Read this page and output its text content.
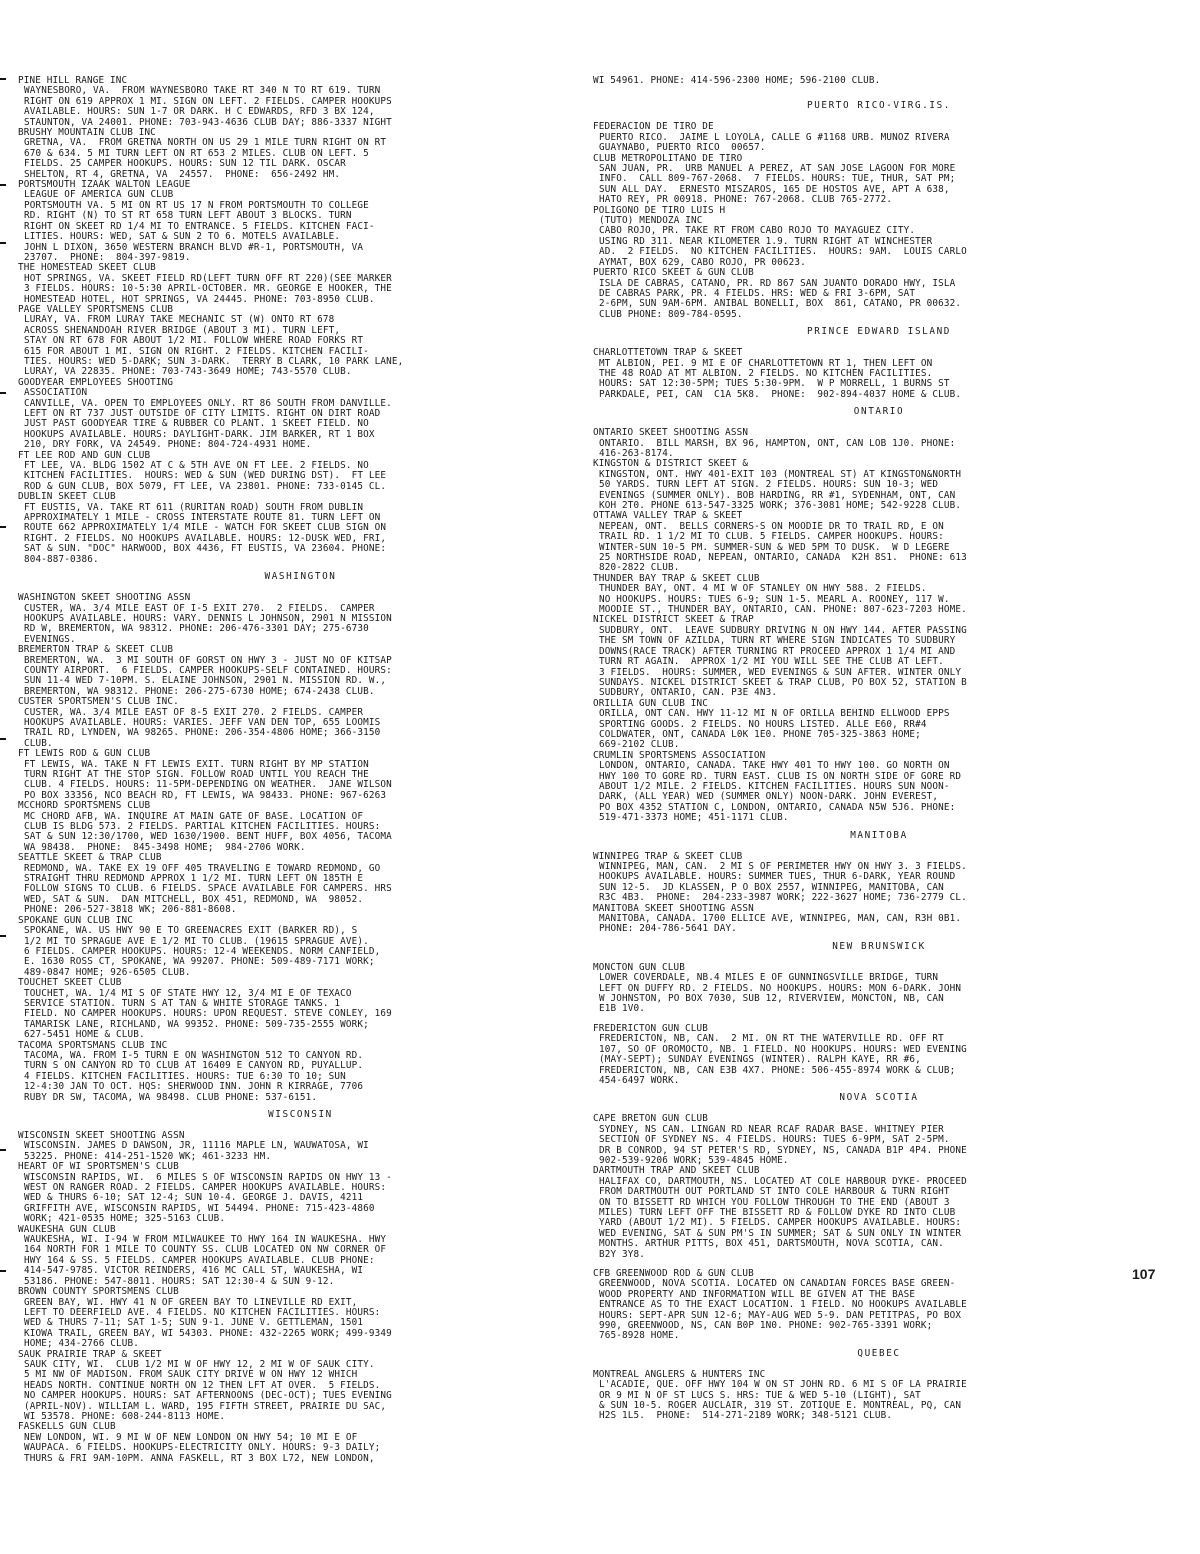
PINE HILL RANGE INC
WAYNESBORO, VA.  FROM WAYNESBORO TAKE RT 340 N TO RT 619. TURN
RIGHT ON 619 APPROX 1 MI. SIGN ON LEFT. 2 FIELDS. CAMPER HOOKUPS
AVAILABLE. HOURS: SUN 1-7 OR DARK. H C EDWARDS, RFD 3 BX 124,
STAUNTON, VA 24001. PHONE: 703-943-4636 CLUB DAY; 886-3337 NIGHT
BRUSHY MOUNTAIN CLUB INC
GRETNA, VA.  FROM GRETNA NORTH ON US 29 1 MILE TURN RIGHT ON RT
670 & 634. 5 MI TURN LEFT ON RT 653 2 MILES. CLUB ON LEFT. 5
FIELDS. 25 CAMPER HOOKUPS. HOURS: SUN 12 TIL DARK. OSCAR
SHELTON, RT 4, GRETNA, VA  24557.  PHONE:  656-2492 HM.
PORTSMOUTH IZAAK WALTON LEAGUE
LEAGUE OF AMERICA GUN CLUB
PORTSMOUTH VA. 5 MI ON RT US 17 N FROM PORTSMOUTH TO COLLEGE
RD. RIGHT (N) TO ST RT 658 TURN LEFT ABOUT 3 BLOCKS. TURN
RIGHT ON SKEET RD 1/4 MI TO ENTRANCE. 5 FIELDS. KITCHEN FACI-
LITIES. HOURS: WED, SAT & SUN 2 TO 6. MOTELS AVAILABLE.
JOHN L DIXON, 3650 WESTERN BRANCH BLVD #R-1, PORTSMOUTH, VA
23707.  PHONE:  804-397-9819.
THE HOMESTEAD SKEET CLUB
HOT SPRINGS, VA. SKEET FIELD RD(LEFT TURN OFF RT 220)(SEE MARKER
3 FIELDS. HOURS: 10-5:30 APRIL-OCTOBER. MR. GEORGE E HOOKER, THE
HOMESTEAD HOTEL, HOT SPRINGS, VA 24445. PHONE: 703-8950 CLUB.
PAGE VALLEY SPORTSMENS CLUB
LURAY, VA. FROM LURAY TAKE MECHANIC ST (W) ONTO RT 678
ACROSS SHENANDOAH RIVER BRIDGE (ABOUT 3 MI). TURN LEFT,
STAY ON RT 678 FOR ABOUT 1/2 MI. FOLLOW WHERE ROAD FORKS RT
615 FOR ABOUT 1 MI. SIGN ON RIGHT. 2 FIELDS. KITCHEN FACILI-
TIES. HOURS: WED 5-DARK; SUN 3-DARK.  TERRY B CLARK, 10 PARK LANE,
LURAY, VA 22835. PHONE: 703-743-3649 HOME; 743-5570 CLUB.
GOODYEAR EMPLOYEES SHOOTING
ASSOCIATION
CANVILLE, VA. OPEN TO EMPLOYEES ONLY. RT 86 SOUTH FROM DANVILLE.
LEFT ON RT 737 JUST OUTSIDE OF CITY LIMITS. RIGHT ON DIRT ROAD
JUST PAST GOODYEAR TIRE & RUBBER CO PLANT. 1 SKEET FIELD. NO
HOOKUPS AVAILABLE. HOURS: DAYLIGHT-DARK. JIM BARKER, RT 1 BOX
210, DRY FORK, VA 24549. PHONE: 804-724-4931 HOME.
FT LEE ROD AND GUN CLUB
FT LEE, VA. BLDG 1502 AT C & 5TH AVE ON FT LEE. 2 FIELDS. NO
KITCHEN FACILITIES.  HOURS: WED & SUN (WED DURING DST).  FT LEE
ROD & GUN CLUB, BOX 5079, FT LEE, VA 23801. PHONE: 733-0145 CL.
DUBLIN SKEET CLUB
FT EUSTIS, VA. TAKE RT 611 (RURITAN ROAD) SOUTH FROM DUBLIN
APPROXIMATELY 1 MILE - CROSS INTERSTATE ROUTE 81. TURN LEFT ON
ROUTE 662 APPROXIMATELY 1/4 MILE - WATCH FOR SKEET CLUB SIGN ON
RIGHT. 2 FIELDS. NO HOOKUPS AVAILABLE. HOURS: 12-DUSK WED, FRI,
SAT & SUN. "DOC" HARWOOD, BOX 4436, FT EUSTIS, VA 23604. PHONE:
804-887-0386.
WASHINGTON
WASHINGTON SKEET SHOOTING ASSN
CUSTER, WA. 3/4 MILE EAST OF I-5 EXIT 270.  2 FIELDS.  CAMPER
HOOKUPS AVAILABLE. HOURS: VARY. DENNIS L JOHNSON, 2901 N MISSION
RD W, BREMERTON, WA 98312. PHONE: 206-476-3301 DAY; 275-6730
EVENINGS.
BREMERTON TRAP & SKEET CLUB
BREMERTON, WA.  3 MI SOUTH OF GORST ON HWY 3 - JUST NO OF KITSAP
COUNTY AIRPORT.  6 FIELDS. CAMPER HOOKUPS-SELF CONTAINED. HOURS:
SUN 11-4 WED 7-10PM. S. ELAINE JOHNSON, 2901 N. MISSION RD. W.,
BREMERTON, WA 98312. PHONE: 206-275-6730 HOME; 674-2438 CLUB.
CUSTER SPORTSMEN'S CLUB INC.
CUSTER, WA. 3/4 MILE EAST OF 8-5 EXIT 270. 2 FIELDS. CAMPER
HOOKUPS AVAILABLE. HOURS: VARIES. JEFF VAN DEN TOP, 655 LOOMIS
TRAIL RD, LYNDEN, WA 98265. PHONE: 206-354-4806 HOME; 366-3150
CLUB.
FT LEWIS ROD & GUN CLUB
FT LEWIS, WA. TAKE N FT LEWIS EXIT. TURN RIGHT BY MP STATION
TURN RIGHT AT THE STOP SIGN. FOLLOW ROAD UNTIL YOU REACH THE
CLUB. 4 FIELDS. HOURS: 11-5PM-DEPENDING ON WEATHER.  JANE WILSON
PO BOX 33356, NCO BEACH RD, FT LEWIS, WA 98433. PHONE: 967-6263
MCCHORD SPORTSMENS CLUB
MC CHORD AFB, WA. INQUIRE AT MAIN GATE OF BASE. LOCATION OF
CLUB IS BLDG 573. 2 FIELDS. PARTIAL KITCHEN FACILITIES. HOURS:
SAT & SUN 12:30/1700, WED 1630/1900. BENT HUFF, BOX 4056, TACOMA
WA 98438.  PHONE:  845-3498 HOME;  984-2706 WORK.
SEATTLE SKEET & TRAP CLUB
REDMOND, WA. TAKE EX 19 OFF 405 TRAVELING E TOWARD REDMOND, GO
STRAIGHT THRU REDMOND APPROX 1 1/2 MI. TURN LEFT ON 185TH E
FOLLOW SIGNS TO CLUB. 6 FIELDS. SPACE AVAILABLE FOR CAMPERS. HRS
WED, SAT & SUN.  DAN MITCHELL, BOX 451, REDMOND, WA  98052.
PHONE: 206-527-3818 WK; 206-881-8608.
SPOKANE GUN CLUB INC
SPOKANE, WA. US HWY 90 E TO GREENACRES EXIT (BARKER RD), S
1/2 MI TO SPRAGUE AVE E 1/2 MI TO CLUB. (19615 SPRAGUE AVE).
6 FIELDS. CAMPER HOOKUPS. HOURS: 12-4 WEEKENDS. NORM CANFIELD,
E. 1630 ROSS CT, SPOKANE, WA 99207. PHONE: 509-489-7171 WORK;
489-0847 HOME; 926-6505 CLUB.
TOUCHET SKEET CLUB
TOUCHET, WA. 1/4 MI S OF STATE HWY 12, 3/4 MI E OF TEXACO
SERVICE STATION. TURN S AT TAN & WHITE STORAGE TANKS. 1
FIELD. NO CAMPER HOOKUPS. HOURS: UPON REQUEST. STEVE CONLEY, 169
TAMARISK LANE, RICHLAND, WA 99352. PHONE: 509-735-2555 WORK;
627-5451 HOME & CLUB.
TACOMA SPORTSMANS CLUB INC
TACOMA, WA. FROM I-5 TURN E ON WASHINGTON 512 TO CANYON RD.
TURN S ON CANYON RD TO CLUB AT 16409 E CANYON RD, PUYALLUP.
4 FIELDS. KITCHEN FACILITIES. HOURS: TUE 6:30 TO 10; SUN
12-4:30 JAN TO OCT. HQS: SHERWOOD INN. JOHN R KIRRAGE, 7706
RUBY DR SW, TACOMA, WA 98498. CLUB PHONE: 537-6151.
WISCONSIN
WISCONSIN SKEET SHOOTING ASSN
WISCONSIN. JAMES D DAWSON, JR, 11116 MAPLE LN, WAUWATOSA, WI
53225. PHONE: 414-251-1520 WK; 461-3233 HM.
HEART OF WI SPORTSMEN'S CLUB
WISCONSIN RAPIDS, WI.  6 MILES S OF WISCONSIN RAPIDS ON HWY 13 -
WEST ON RANGER ROAD. 2 FIELDS. CAMPER HOOKUPS AVAILABLE. HOURS:
WED & THURS 6-10; SAT 12-4; SUN 10-4. GEORGE J. DAVIS, 4211
GRIFFITH AVE, WISCONSIN RAPIDS, WI 54494. PHONE: 715-423-4860
WORK; 421-0535 HOME; 325-5163 CLUB.
WAUKESHA GUN CLUB
WAUKESHA, WI. I-94 W FROM MILWAUKEE TO HWY 164 IN WAUKESHA. HWY
164 NORTH FOR 1 MILE TO COUNTY SS. CLUB LOCATED ON NW CORNER OF
HWY 164 & SS. 5 FIELDS. CAMPER HOOKUPS AVAILABLE. CLUB PHONE:
414-547-9785. VICTOR REINDERS, 416 MC CALL ST, WAUKESHA, WI
53186. PHONE: 547-8011. HOURS: SAT 12:30-4 & SUN 9-12.
BROWN COUNTY SPORTSMENS CLUB
GREEN BAY, WI. HWY 41 N OF GREEN BAY TO LINEVILLE RD EXIT,
LEFT TO DEERFIELD AVE. 4 FIELDS. NO KITCHEN FACILITIES. HOURS:
WED & THURS 7-11; SAT 1-5; SUN 9-1. JUNE V. GETTLEMAN, 1501
KIOWA TRAIL, GREEN BAY, WI 54303. PHONE: 432-2265 WORK; 499-9349
HOME; 434-2766 CLUB.
SAUK PRAIRIE TRAP & SKEET
SAUK CITY, WI.  CLUB 1/2 MI W OF HWY 12, 2 MI W OF SAUK CITY.
5 MI NW OF MADISON. FROM SAUK CITY DRIVE W ON HWY 12 WHICH
HEADS NORTH. CONTINUE NORTH ON 12 THEN LFT AT OVER.  5 FIELDS.
NO CAMPER HOOKUPS. HOURS: SAT AFTERNOONS (DEC-OCT); TUES EVENING
(APRIL-NOV). WILLIAM L. WARD, 195 FIFTH STREET, PRAIRIE DU SAC,
WI 53578. PHONE: 608-244-8113 HOME.
FASKELLS GUN CLUB
NEW LONDON, WI. 9 MI W OF NEW LONDON ON HWY 54; 10 MI E OF
WAUPACA. 6 FIELDS. HOOKUPS-ELECTRICITY ONLY. HOURS: 9-3 DAILY;
THURS & FRI 9AM-10PM. ANNA FASKELL, RT 3 BOX L72, NEW LONDON,
WI 54961. PHONE: 414-596-2300 HOME; 596-2100 CLUB.
PUERTO RICO-VIRG.IS.
FEDERACION DE TIRO DE
PUERTO RICO.  JAIME L LOYOLA, CALLE G #1168 URB. MUNOZ RIVERA
GUAYNABO, PUERTO RICO  00657.
CLUB METROPOLITANO DE TIRO
SAN JUAN, PR.  URB MANUEL A PEREZ, AT SAN JOSE LAGOON FOR MORE
INFO.  CALL 809-767-2068.  7 FIELDS. HOURS: TUE, THUR, SAT PM;
SUN ALL DAY.  ERNESTO MISZAROS, 165 DE HOSTOS AVE, APT A 638,
HATO REY, PR 00918. PHONE: 767-2068. CLUB 765-2772.
POLIGONO DE TIRO LUIS H
(TUTO) MENDOZA INC
CABO ROJO, PR. TAKE RT FROM CABO ROJO TO MAYAGUEZ CITY.
USING RD 311. NEAR KILOMETER 1.9. TURN RIGHT AT WINCHESTER
AD.  2 FIELDS.  NO KITCHEN FACILITIES.  HOURS: 9AM.  LOUIS CARLO
AYMAT, BOX 629, CABO ROJO, PR 00623.
PUERTO RICO SKEET & GUN CLUB
ISLA DE CABRAS, CATANO, PR. RD 867 SAN JUANTO DORADO HWY, ISLA
DE CABRAS PARK, PR. 4 FIELDS. HRS: WED & FRI 3-6PM, SAT
2-6PM, SUN 9AM-6PM. ANIBAL BONELLI, BOX  861, CATANO, PR 00632.
CLUB PHONE: 809-784-0595.
PRINCE EDWARD ISLAND
CHARLOTTETOWN TRAP & SKEET
MT ALBION, PEI. 9 MI E OF CHARLOTTETOWN RT 1, THEN LEFT ON
THE 48 ROAD AT MT ALBION. 2 FIELDS. NO KITCHEN FACILITIES.
HOURS: SAT 12:30-5PM; TUES 5:30-9PM.  W P MORRELL, 1 BURNS ST
PARKDALE, PEI, CAN  C1A 5K8.  PHONE:  902-894-4037 HOME & CLUB.
ONTARIO
ONTARIO SKEET SHOOTING ASSN
ONTARIO.  BILL MARSH, BX 96, HAMPTON, ONT, CAN LOB 1J0. PHONE:
416-263-8174.
KINGSTON & DISTRICT SKEET &
KINGSTON, ONT. HWY 401-EXIT 103 (MONTREAL ST) AT KINGSTON&NORTH
50 YARDS. TURN LEFT AT SIGN. 2 FIELDS. HOURS: SUN 10-3; WED
EVENINGS (SUMMER ONLY). BOB HARDING, RR #1, SYDENHAM, ONT, CAN
KOH 2T0. PHONE 613-547-3325 WORK; 376-3081 HOME; 542-9228 CLUB.
OTTAWA VALLEY TRAP & SKEET
NEPEAN, ONT.  BELLS CORNERS-S ON MOODIE DR TO TRAIL RD, E ON
TRAIL RD. 1 1/2 MI TO CLUB. 5 FIELDS. CAMPER HOOKUPS. HOURS:
WINTER-SUN 10-5 PM. SUMMER-SUN & WED 5PM TO DUSK.  W D LEGERE
25 NORTHSIDE ROAD, NEPEAN, ONTARIO, CANADA  K2H 8S1.  PHONE: 613
820-2822 CLUB.
THUNDER BAY TRAP & SKEET CLUB
THUNDER BAY, ONT. 4 MI W OF STANLEY ON HWY 588. 2 FIELDS.
NO HOOKUPS. HOURS: TUES 6-9; SUN 1-5. MEARL A. ROONEY, 117 W.
MOODIE ST., THUNDER BAY, ONTARIO, CAN. PHONE: 807-623-7203 HOME.
NICKEL DISTRICT SKEET & TRAP
SUDBURY, ONT.  LEAVE SUDBURY DRIVING N ON HWY 144. AFTER PASSING
THE SM TOWN OF AZILDA, TURN RT WHERE SIGN INDICATES TO SUDBURY
DOWNS(RACE TRACK) AFTER TURNING RT PROCEED APPROX 1 1/4 MI AND
TURN RT AGAIN.  APPROX 1/2 MI YOU WILL SEE THE CLUB AT LEFT.
3 FIELDS.  HOURS: SUMMER, WED EVENINGS & SUN AFTER. WINTER ONLY
SUNDAYS. NICKEL DISTRICT SKEET & TRAP CLUB, PO BOX 52, STATION B
SUDBURY, ONTARIO, CAN. P3E 4N3.
ORILLIA GUN CLUB INC
ORILLA, ONT CAN. HWY 11-12 MI N OF ORILLA BEHIND ELLWOOD EPPS
SPORTING GOODS. 2 FIELDS. NO HOURS LISTED. ALLE E60, RR#4
COLDWATER, ONT, CANADA L0K 1E0. PHONE 705-325-3863 HOME;
669-2102 CLUB.
CRUMLIN SPORTSMENS ASSOCIATION
LONDON, ONTARIO, CANADA. TAKE HWY 401 TO HWY 100. GO NORTH ON
HWY 100 TO GORE RD. TURN EAST. CLUB IS ON NORTH SIDE OF GORE RD
ABOUT 1/2 MILE. 2 FIELDS. KITCHEN FACILITIES. HOURS SUN NOON-
DARK, (ALL YEAR) WED (SUMMER ONLY) NOON-DARK. JOHN EVEREST,
PO BOX 4352 STATION C, LONDON, ONTARIO, CANADA N5W 5J6. PHONE:
519-471-3373 HOME; 451-1171 CLUB.
MANITOBA
WINNIPEG TRAP & SKEET CLUB
WINNIPEG, MAN, CAN.  2 MI S OF PERIMETER HWY ON HWY 3. 3 FIELDS.
HOOKUPS AVAILABLE. HOURS: SUMMER TUES, THUR 6-DARK, YEAR ROUND
SUN 12-5.  JD KLASSEN, P O BOX 2557, WINNIPEG, MANITOBA, CAN
R3C 4B3.  PHONE:  204-233-3987 WORK; 222-3627 HOME; 736-2779 CL.
MANITOBA SKEET SHOOTING ASSN
MANITOBA, CANADA. 1700 ELLICE AVE, WINNIPEG, MAN, CAN, R3H 0B1.
PHONE: 204-786-5641 DAY.
NEW BRUNSWICK
MONCTON GUN CLUB
LOWER COVERDALE, NB.4 MILES E OF GUNNINGSVILLE BRIDGE, TURN
LEFT ON DUFFY RD. 2 FIELDS. NO HOOKUPS. HOURS: MON 6-DARK. JOHN
W JOHNSTON, PO BOX 7030, SUB 12, RIVERVIEW, MONCTON, NB, CAN
E1B 1V0.
FREDERICTON GUN CLUB
FREDERICTON, NB, CAN.  2 MI. ON RT THE WATERVILLE RD. OFF RT
107, SO OF OROMOCTO, NB. 1 FIELD. NO HOOKUPS. HOURS: WED EVENING
(MAY-SEPT); SUNDAY EVENINGS (WINTER). RALPH KAYE, RR #6,
FREDERICTON, NB, CAN E3B 4X7. PHONE: 506-455-8974 WORK & CLUB;
454-6497 WORK.
NOVA SCOTIA
CAPE BRETON GUN CLUB
SYDNEY, NS CAN. LINGAN RD NEAR RCAF RADAR BASE. WHITNEY PIER
SECTION OF SYDNEY NS. 4 FIELDS. HOURS: TUES 6-9PM, SAT 2-5PM.
DR B CONROD, 94 ST PETER'S RD, SYDNEY, NS, CANADA B1P 4P4. PHONE
902-539-9206 WORK; 539-4845 HOME.
DARTMOUTH TRAP AND SKEET CLUB
HALIFAX CO, DARTMOUTH, NS. LOCATED AT COLE HARBOUR DYKE- PROCEED
FROM DARTMOUTH OUT PORTLAND ST INTO COLE HARBOUR & TURN RIGHT
ON TO BISSETT RD WHICH YOU FOLLOW THROUGH TO THE END (ABOUT 3
MILES) TURN LEFT OFF THE BISSETT RD & FOLLOW DYKE RD INTO CLUB
YARD (ABOUT 1/2 MI). 5 FIELDS. CAMPER HOOKUPS AVAILABLE. HOURS:
WED EVENING, SAT & SUN PM'S IN SUMMER; SAT & SUN ONLY IN WINTER
MONTHS. ARTHUR PITTS, BOX 451, DARTSMOUTH, NOVA SCOTIA, CAN.
B2Y 3Y8.
CFB GREENWOOD ROD & GUN CLUB
GREENWOOD, NOVA SCOTIA. LOCATED ON CANADIAN FORCES BASE GREEN-
WOOD PROPERTY AND INFORMATION WILL BE GIVEN AT THE BASE
ENTRANCE AS TO THE EXACT LOCATION. 1 FIELD. NO HOOKUPS AVAILABLE
HOURS: SEPT-APR SUN 12-6; MAY-AUG WED 5-9. DAN PETITPAS, PO BOX
990, GREENWOOD, NS, CAN B0P 1N0. PHONE: 902-765-3391 WORK;
765-8928 HOME.
QUEBEC
MONTREAL ANGLERS & HUNTERS INC
L'ACADIE, QUE. OFF HWY 104 W ON ST JOHN RD. 6 MI S OF LA PRAIRIE
OR 9 MI N OF ST LUCS S. HRS: TUE & WED 5-10 (LIGHT), SAT
& SUN 10-5. ROGER AUCLAIR, 319 ST. ZOTIQUE E. MONTREAL, PQ, CAN
H2S 1L5.  PHONE:  514-271-2189 WORK; 348-5121 CLUB.
107
